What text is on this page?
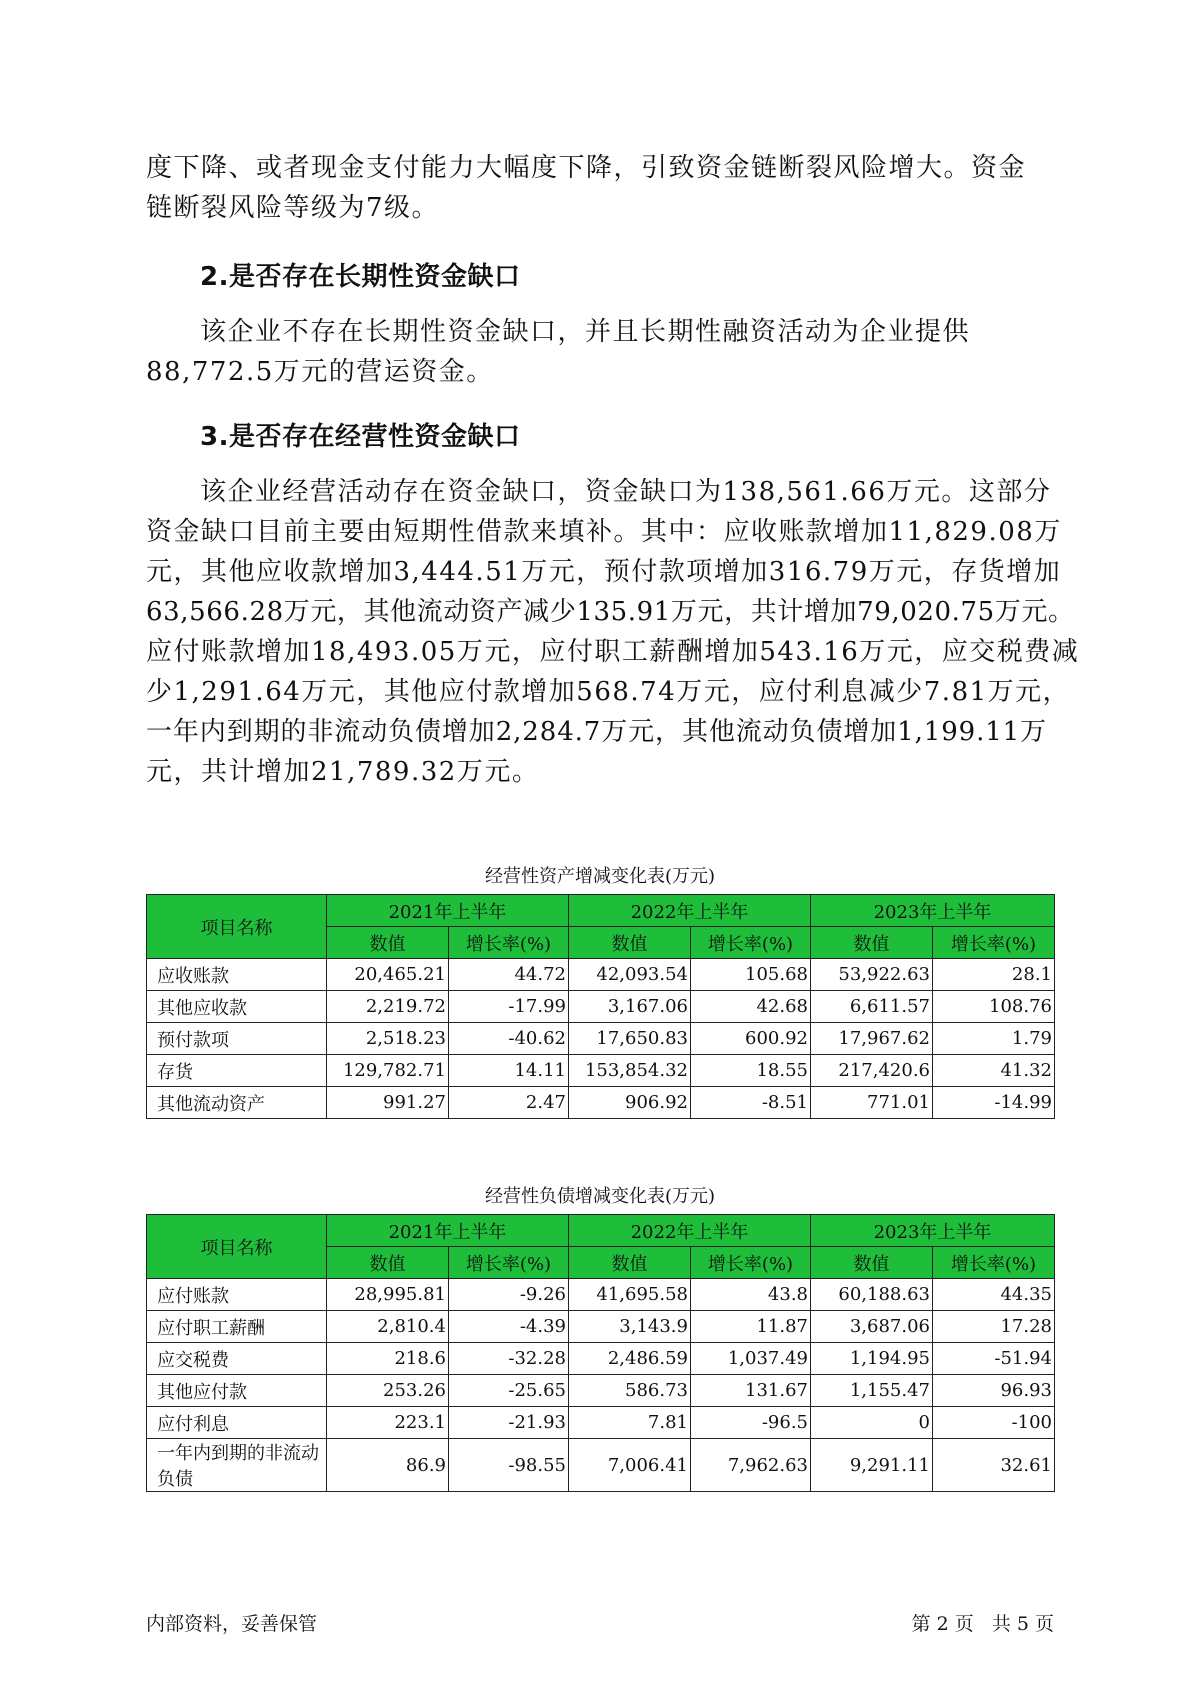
度下降、或者现金支付能力大幅度下降，引致资金链断裂风险增大。资金
链断裂风险等级为7级。

2.是否存在长期性资金缺口

该企业不存在长期性资金缺口，并且长期性融资活动为企业提供
88,772.5万元的营运资金。

3.是否存在经营性资金缺口

该企业经营活动存在资金缺口，资金缺口为138,561.66万元。这部分
资金缺口目前主要由短期性借款来填补。其中：应收账款增加11,829.08万
元，其他应收款增加3,444.51万元，预付款项增加316.79万元，存货增加
63,566.28万元，其他流动资产减少135.91万元，共计增加79,020.75万元。
应付账款增加18,493.05万元，应付职工薪酬增加543.16万元，应交税费减
少1,291.64万元，其他应付款增加568.74万元，应付利息减少7.81万元，
一年内到期的非流动负债增加2,284.7万元，其他流动负债增加1,199.11万
元，共计增加21,789.32万元。

经营性资产增减变化表(万元)
项目名称	2021年上半年		2022年上半年		2023年上半年	
	数值	增长率(%)	数值	增长率(%)	数值	增长率(%)
应收账款	20,465.21	44.72	42,093.54	105.68	53,922.63	28.1
其他应收款	2,219.72	-17.99	3,167.06	42.68	6,611.57	108.76
预付款项	2,518.23	-40.62	17,650.83	600.92	17,967.62	1.79
存货	129,782.71	14.11	153,854.32	18.55	217,420.6	41.32
其他流动资产	991.27	2.47	906.92	-8.51	771.01	-14.99
经营性负债增减变化表(万元)
项目名称	2021年上半年		2022年上半年		2023年上半年	
	数值	增长率(%)	数值	增长率(%)	数值	增长率(%)
应付账款	28,995.81	-9.26	41,695.58	43.8	60,188.63	44.35
应付职工薪酬	2,810.4	-4.39	3,143.9	11.87	3,687.06	17.28
应交税费	218.6	-32.28	2,486.59	1,037.49	1,194.95	-51.94
其他应付款	253.26	-25.65	586.73	131.67	1,155.47	96.93
应付利息	223.1	-21.93	7.81	-96.5	0	-100
一年内到期的非流动负债	86.9	-98.55	7,006.41	7,962.63	9,291.11	32.61
内部资料，妥善保管	第 2 页   共 5 页
